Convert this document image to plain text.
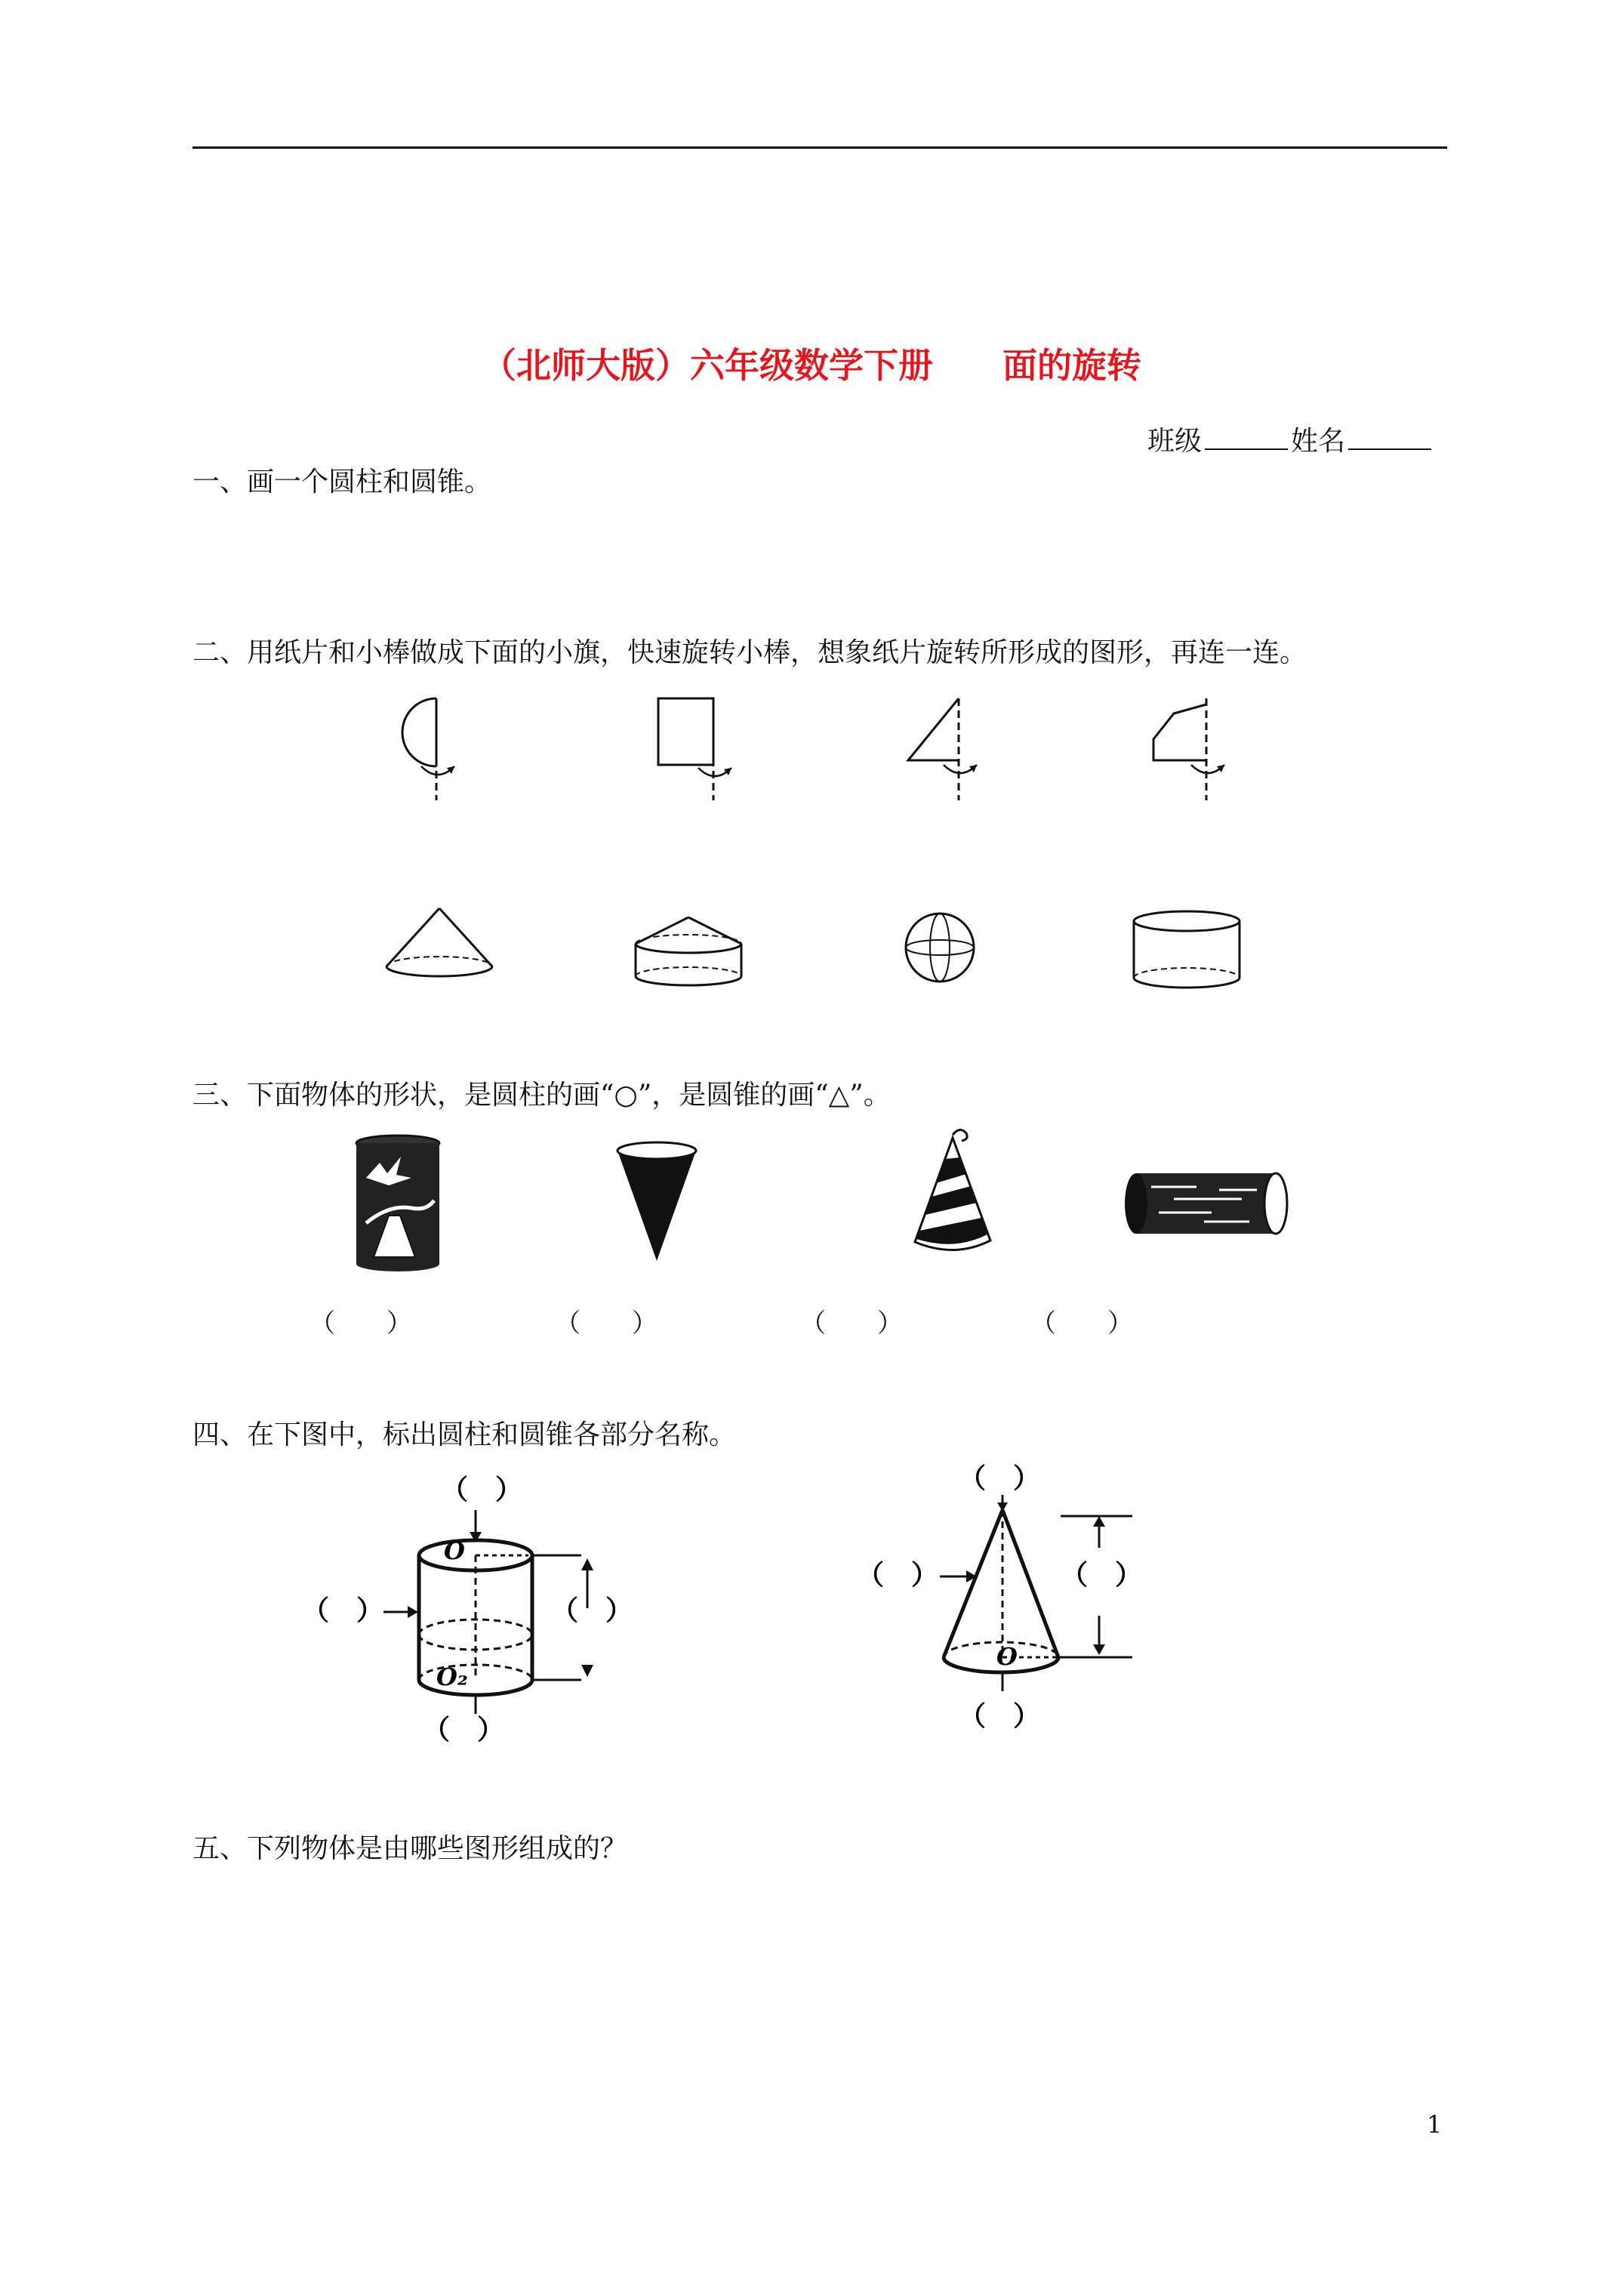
（北师大版）六年级数学下册　　面的旋转
班级	姓名
一、画一个圆柱和圆锥。
二、用纸片和小棒做成下面的小旗，快速旋转小棒，想象纸片旋转所形成的图形，再连一连。
三、下面物体的形状，是圆柱的画“○”，是圆锥的画“△”。
（　　）	（　　）	（　　）	（　　）
四、在下图中，标出圆柱和圆锥各部分名称。
O
O₂
（　）
（　）	（　）
（　）
O
（　）
（　）	（　）
（　）
五、下列物体是由哪些图形组成的？
1
